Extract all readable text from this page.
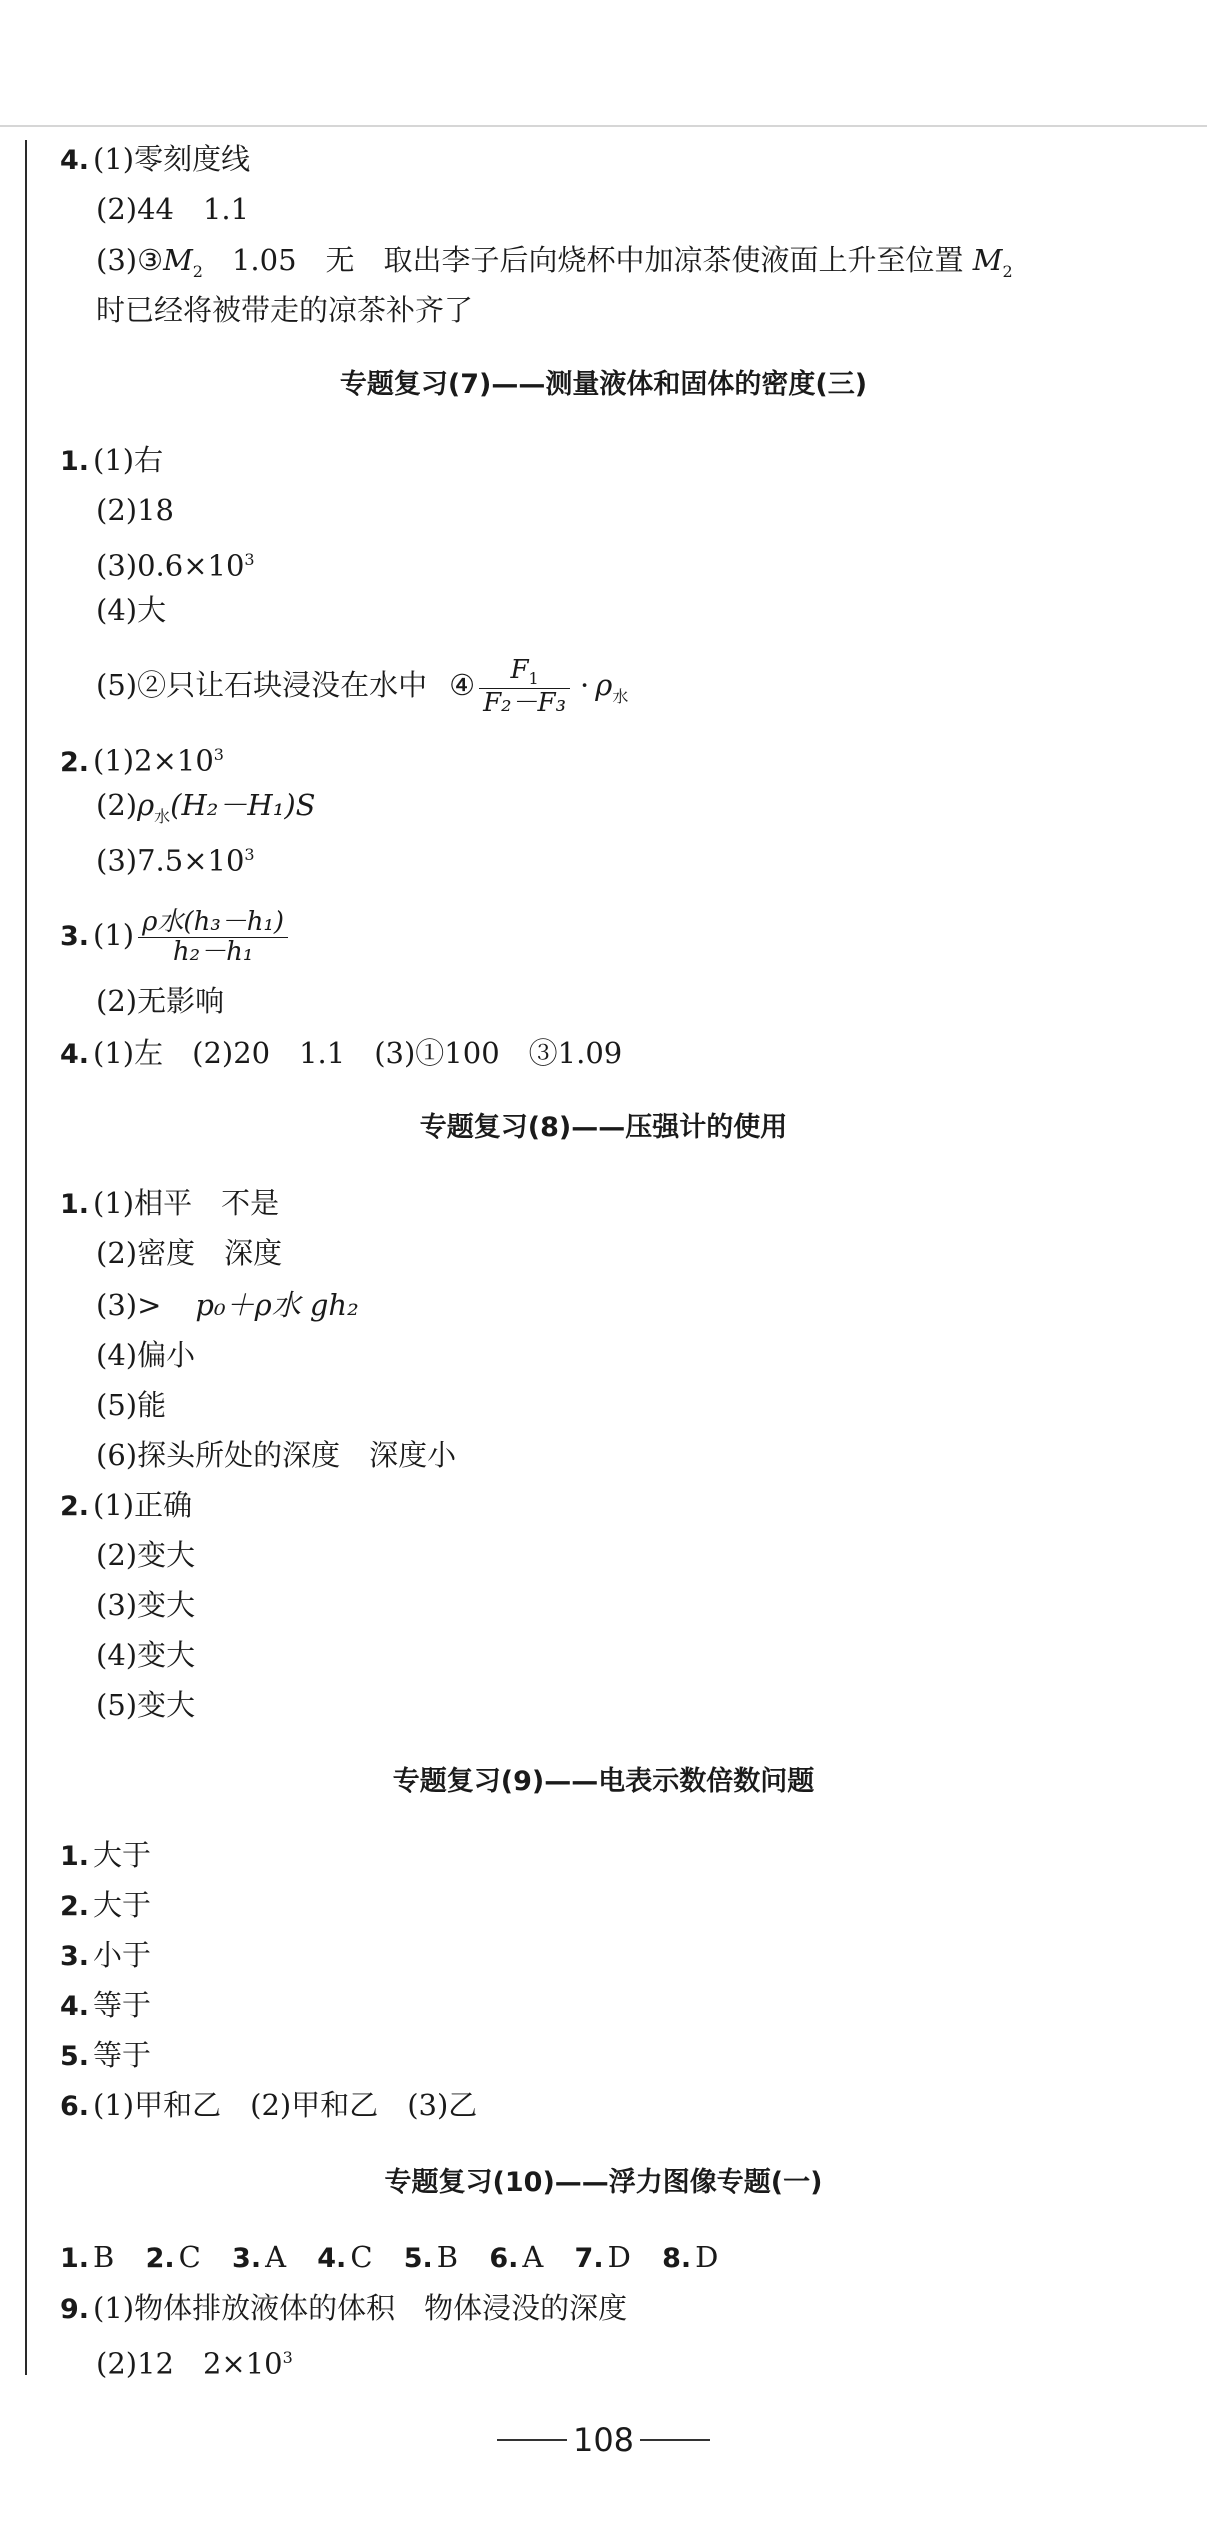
4. (1)零刻度线
(2)44　1.1
$(3)③M_2$　1.05　无　取出李子后向烧杯中加凉茶使液面上升至位置 $M_2$
时已经将被带走的凉茶补齐了
专题复习(7)——测量液体和固体的密度(三)
1. (1)右
(2)18
$(3)0.6\times 10^3$
(4)大
(5)②只让石块浸没在水中 ④ $\frac{F_1}{\text{F₂－F₃}} \cdot \rho_水$
2. $(1)2\times 10^3$
$(2)\rho_水(H_2-H_1)S$
$(3)7.5\times 10^3$
3. $(1) \frac{\text{ρ水(h₃－h₁)}}{\text{h₂－h₁}}$
(2)无影响
4. (1)左　(2)20　1.1　(3)①100　③1.09
专题复习(8)——压强计的使用
1. (1)相平　不是
(2)密度　深度
(3)> p₀＋ρ水 gh₂
(4)偏小
(5)能
(6)探头所处的深度　深度小
2. (1)正确
(2)变大
(3)变大
(4)变大
(5)变大
专题复习(9)——电表示数倍数问题
1. 大于
2. 大于
3. 小于
4. 等于
5. 等于
6. (1)甲和乙　(2)甲和乙　(3)乙
专题复习(10)——浮力图像专题(一)
1. B 2. C 3. A 4. C 5. B 6. A 7. D 8. D
9. (1)物体排放液体的体积　物体浸没的深度
(2)12　$2\times 10^3$
108
